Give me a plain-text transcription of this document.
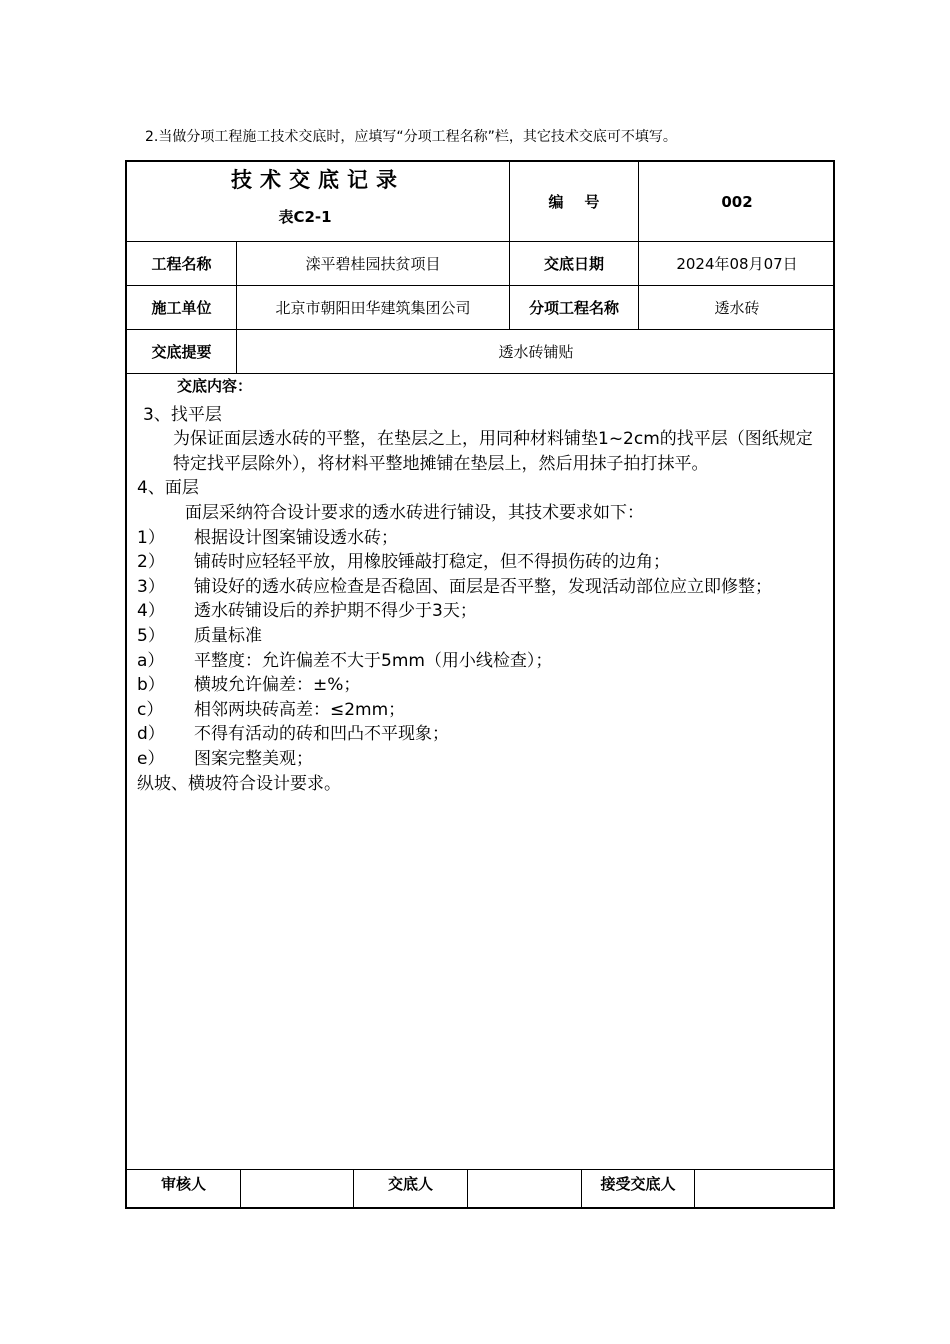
2.当做分项工程施工技术交底时，应填写“分项工程名称”栏，其它技术交底可不填写。
技术交底记录
表C2-1
编    号	002
工程名称	滦平碧桂园扶贫项目	交底日期	2024年08月07日
施工单位	北京市朝阳田华建筑集团公司	分项工程名称	透水砖
交底提要	透水砖铺贴
交底内容：
3、找平层
为保证面层透水砖的平整，在垫层之上，用同种材料铺垫1~2cm的找平层（图纸规定特定找平层除外），将材料平整地摊铺在垫层上，然后用抹子拍打抹平。
4、面层
面层采纳符合设计要求的透水砖进行铺设，其技术要求如下：
1）	根据设计图案铺设透水砖；
2）	铺砖时应轻轻平放，用橡胶锤敲打稳定，但不得损伤砖的边角；
3）	铺设好的透水砖应检查是否稳固、面层是否平整，发现活动部位应立即修整；
4）	透水砖铺设后的养护期不得少于3天；
5）	质量标准
a）	平整度：允许偏差不大于5mm（用小线检查）；
b）	横坡允许偏差：±%；
c）	相邻两块砖高差：≤2mm；
d）	不得有活动的砖和凹凸不平现象；
e）	图案完整美观；
纵坡、横坡符合设计要求。
审核人	交底人	接受交底人
